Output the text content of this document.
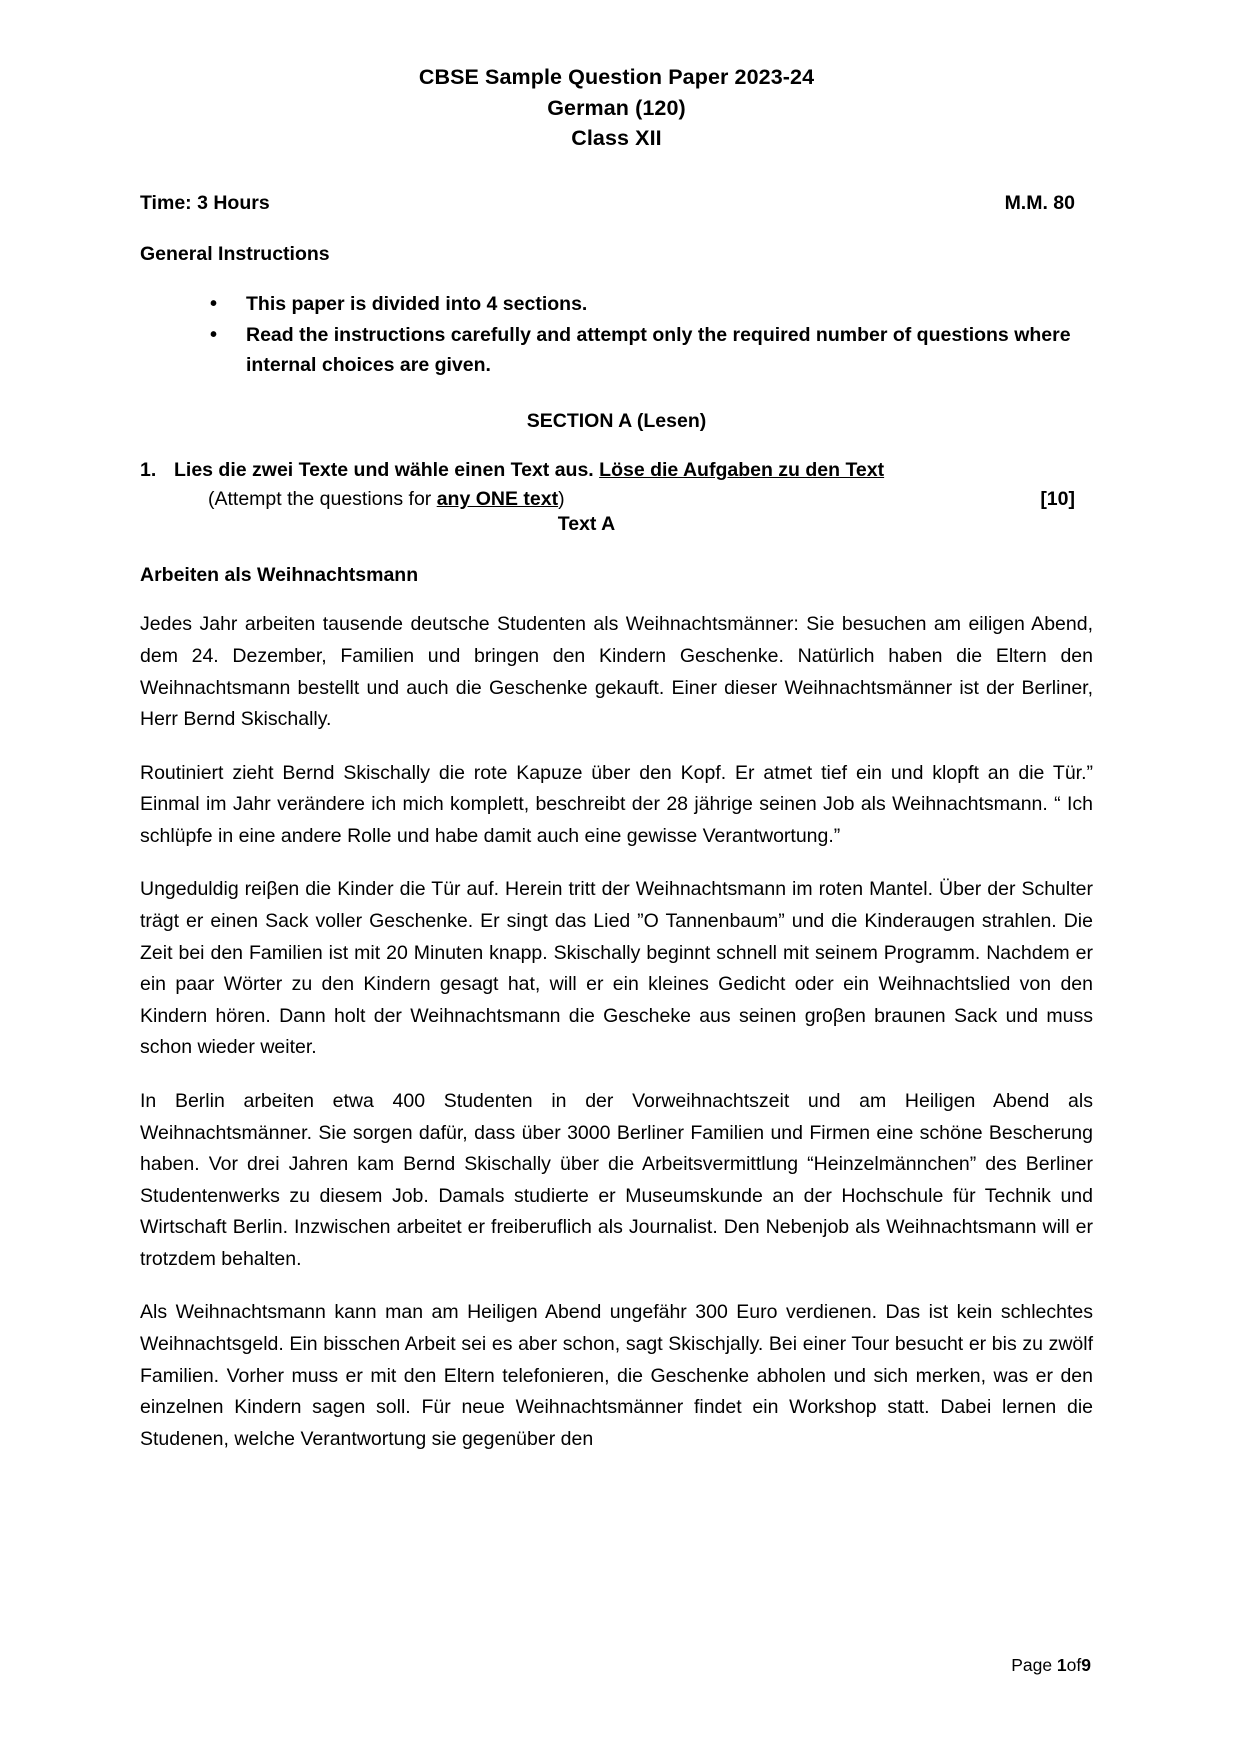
CBSE Sample Question Paper 2023-24
German (120)
Class XII
Time: 3 Hours	M.M. 80
General Instructions
• This paper is divided into 4 sections.
• Read the instructions carefully and attempt only the required number of questions where internal choices are given.
SECTION A (Lesen)
1. Lies die zwei Texte und wähle einen Text aus. Löse die Aufgaben zu den Text
(Attempt the questions for any ONE text)	[10]
Text A
Arbeiten als Weihnachtsmann

Jedes Jahr arbeiten tausende deutsche Studenten als Weihnachtsmänner: Sie besuchen am eiligen Abend, dem 24. Dezember, Familien und bringen den Kindern Geschenke. Natürlich haben die Eltern den Weihnachtsmann bestellt und auch die Geschenke gekauft. Einer dieser Weihnachtsmänner ist der Berliner, Herr Bernd Skischally.

Routiniert zieht Bernd Skischally die rote Kapuze über den Kopf. Er atmet tief ein und klopft an die Tür.” Einmal im Jahr verändere ich mich komplett, beschreibt der 28 jährige seinen Job als Weihnachtsmann. “ Ich schlüpfe in eine andere Rolle und habe damit auch eine gewisse Verantwortung.”

Ungeduldig reiβen die Kinder die Tür auf. Herein tritt der Weihnachtsmann im roten Mantel. Über der Schulter trägt er einen Sack voller Geschenke. Er singt das Lied ”O Tannenbaum” und die Kinderaugen strahlen. Die Zeit bei den Familien ist mit 20 Minuten knapp. Skischally beginnt schnell mit seinem Programm. Nachdem er ein paar Wörter zu den Kindern gesagt hat, will er ein kleines Gedicht oder ein Weihnachtslied von den Kindern hören. Dann holt der Weihnachtsmann die Gescheke aus seinen groβen braunen Sack und muss schon wieder weiter.

In Berlin arbeiten etwa 400 Studenten in der Vorweihnachtszeit und am Heiligen Abend als Weihnachtsmänner. Sie sorgen dafür, dass über 3000 Berliner Familien und Firmen eine schöne Bescherung haben. Vor drei Jahren kam Bernd Skischally über die Arbeitsvermittlung “Heinzelmännchen” des Berliner Studentenwerks zu diesem Job. Damals studierte er Museumskunde an der Hochschule für Technik und Wirtschaft Berlin. Inzwischen arbeitet er freiberuflich als Journalist. Den Nebenjob als Weihnachtsmann will er trotzdem behalten.

Als Weihnachtsmann kann man am Heiligen Abend ungefähr 300 Euro verdienen. Das ist kein schlechtes Weihnachtsgeld. Ein bisschen Arbeit sei es aber schon, sagt Skischjally. Bei einer Tour besucht er bis zu zwölf Familien. Vorher muss er mit den Eltern telefonieren, die Geschenke abholen und sich merken, was er den einzelnen Kindern sagen soll. Für neue Weihnachtsmänner findet ein Workshop statt. Dabei lernen die Studenen, welche Verantwortung sie gegenüber den

Page 1of9
